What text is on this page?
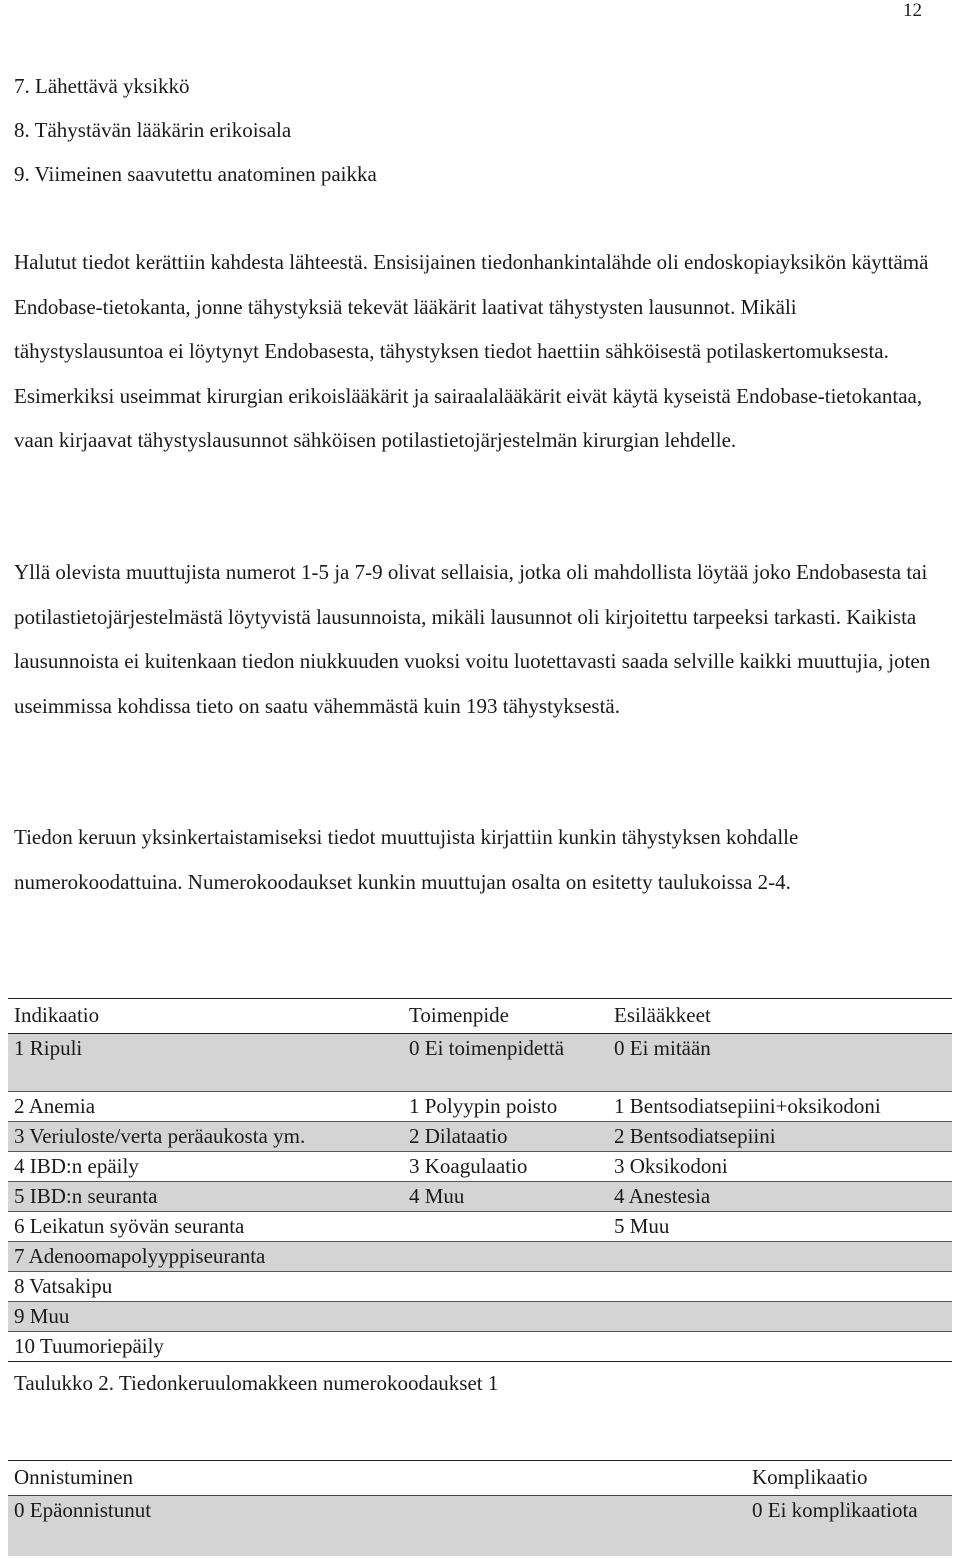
12
7. Lähettävä yksikkö
8. Tähystävän lääkärin erikoisala
9. Viimeinen saavutettu anatominen paikka

Halutut tiedot kerättiin kahdesta lähteestä. Ensisijainen tiedonhankintalähde oli endoskopiayksikön käyttämä Endobase-tietokanta, jonne tähystyksiä tekevät lääkärit laativat tähystysten lausunnot. Mikäli tähystyslausuntoa ei löytynyt Endobasesta, tähystyksen tiedot haettiin sähköisestä potilaskertomuksesta. Esimerkiksi useimmat kirurgian erikoislääkärit ja sairaalalääkärit eivät käytä kyseistä Endobase-tietokantaa, vaan kirjaavat tähystyslausunnot sähköisen potilastietojärjestelmän kirurgian lehdelle.

Yllä olevista muuttujista numerot 1-5 ja 7-9 olivat sellaisia, jotka oli mahdollista löytää joko Endobasesta tai potilastietojärjestelmästä löytyvistä lausunnoista, mikäli lausunnot oli kirjoitettu tarpeeksi tarkasti. Kaikista lausunnoista ei kuitenkaan tiedon niukkuuden vuoksi voitu luotettavasti saada selville kaikki muuttujia, joten useimmissa kohdissa tieto on saatu vähemmästä kuin 193 tähystyksestä.

Tiedon keruun yksinkertaistamiseksi tiedot muuttujista kirjattiin kunkin tähystyksen kohdalle numerokoodattuina. Numerokoodaukset kunkin muuttujan osalta on esitetty taulukoissa 2-4.

Indikaatio	Toimenpide	Esilääkkeet
1 Ripuli	0 Ei toimenpidettä	0 Ei mitään
2 Anemia	1 Polyypin poisto	1 Bentsodiatsepiini+oksikodoni
3 Veriuloste/verta peräaukosta ym.	2 Dilataatio	2 Bentsodiatsepiini
4 IBD:n epäily	3 Koagulaatio	3 Oksikodoni
5 IBD:n seuranta	4 Muu	4 Anestesia
6 Leikatun syövän seuranta		5 Muu
7 Adenoomapolyyppiseuranta		
8 Vatsakipu		
9 Muu		
10 Tuumoriepäily		
Taulukko 2. Tiedonkeruulomakkeen numerokoodaukset 1
Onnistuminen	Komplikaatio
0 Epäonnistunut	0 Ei komplikaatiota
